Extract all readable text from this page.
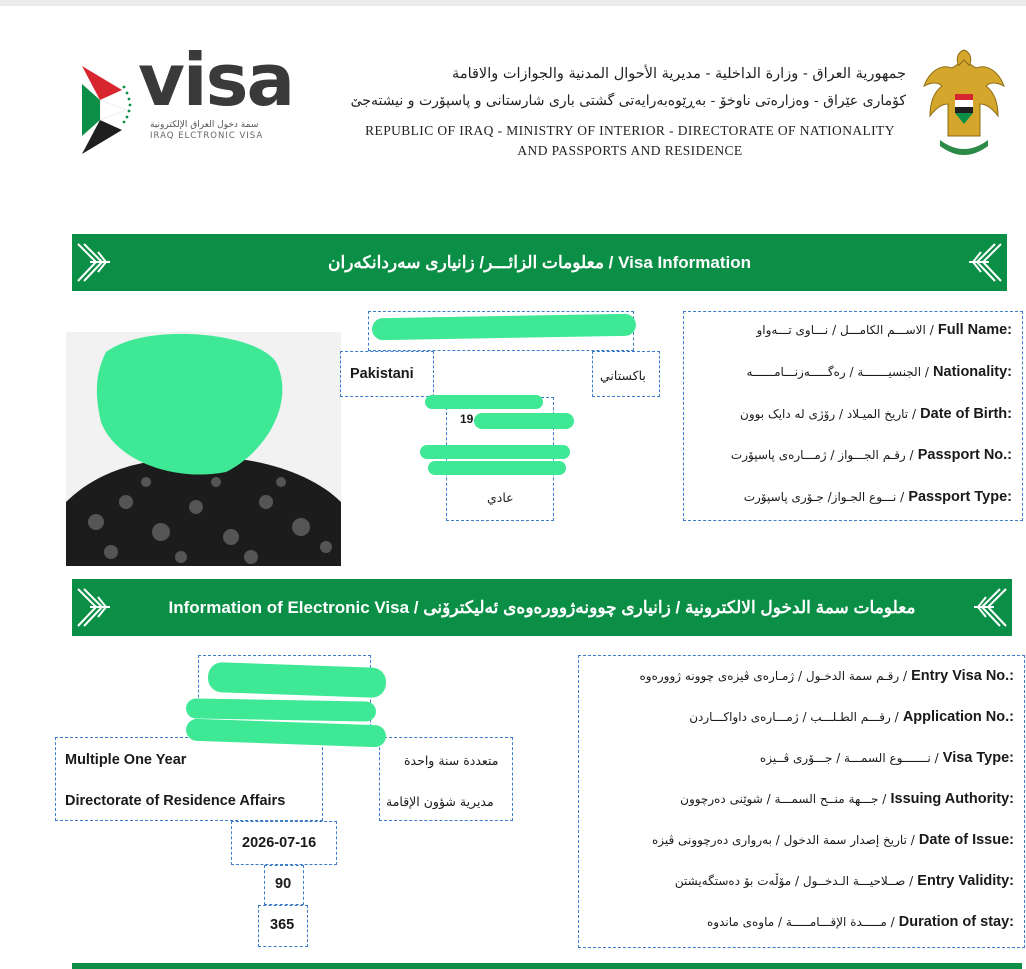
visa
سمة دخول العراق الإلكترونية
IRAQ ELCTRONIC VISA
جمهورية العراق - وزارة الداخلية - مديرية الأحوال المدنية والجوازات والاقامة
كۆماری عێراق - وەزارەتی ناوخۆ - بەڕێوەبەرایەتی گشتی باری شارستانی و پاسپۆرت و نیشتەجێ
REPUBLIC OF IRAQ - MINISTRY OF INTERIOR - DIRECTORATE OF NATIONALITY
AND PASSPORTS AND RESIDENCE
معلومات الزائـــر/ زانیاری سەردانکەران / Visa Information
الاســـم الكامـــل / نـــاوی تـــەواو / Full Name:
الجنسيـــــــة / رەگـــــەزنـــامــــــە / Nationality:
تاريخ الميـلاد / رۆژی لە دایک بوون / Date of Birth:
رقـم الجـــواز / ژمـــارەی پاسپۆرت / Passport No.:
نـــوع الجـواز/ جـۆری پاسپۆرت / Passport Type:
Pakistani	باكستاني
19
عادي
Information of Electronic Visa / معلومات سمة الدخول الالكترونية / زانیاری چوونەژوورەوەی ئەلیکترۆنی
رقـم سمة الدخـول / ژمـارەی ڤیزەی چوونە ژوورەوە / Entry Visa No.:
رقـــم الطـلـــب / ژمـــارەی داواكـــاردن / Application No.:
نـــــــوع السمـــة / جـــۆری ڤــیزە / Visa Type:
جـــهة منــح السمـــة / شوێنی دەرچوون / Issuing Authority:
تاريخ إصدار سمة الدخول / بەرواری دەرچوونی ڤیزە / Date of Issue:
صــلاحيـــة الـدخــول / مۆڵەت بۆ دەستگەیشتن / Entry Validity:
مـــــدة الإقـــامـــــة / ماوەی ماندوە / Duration of stay:
Multiple One Year
Directorate of Residence Affairs
متعددة سنة واحدة
مديرية شؤون الإقامة
2026-07-16
90
365
